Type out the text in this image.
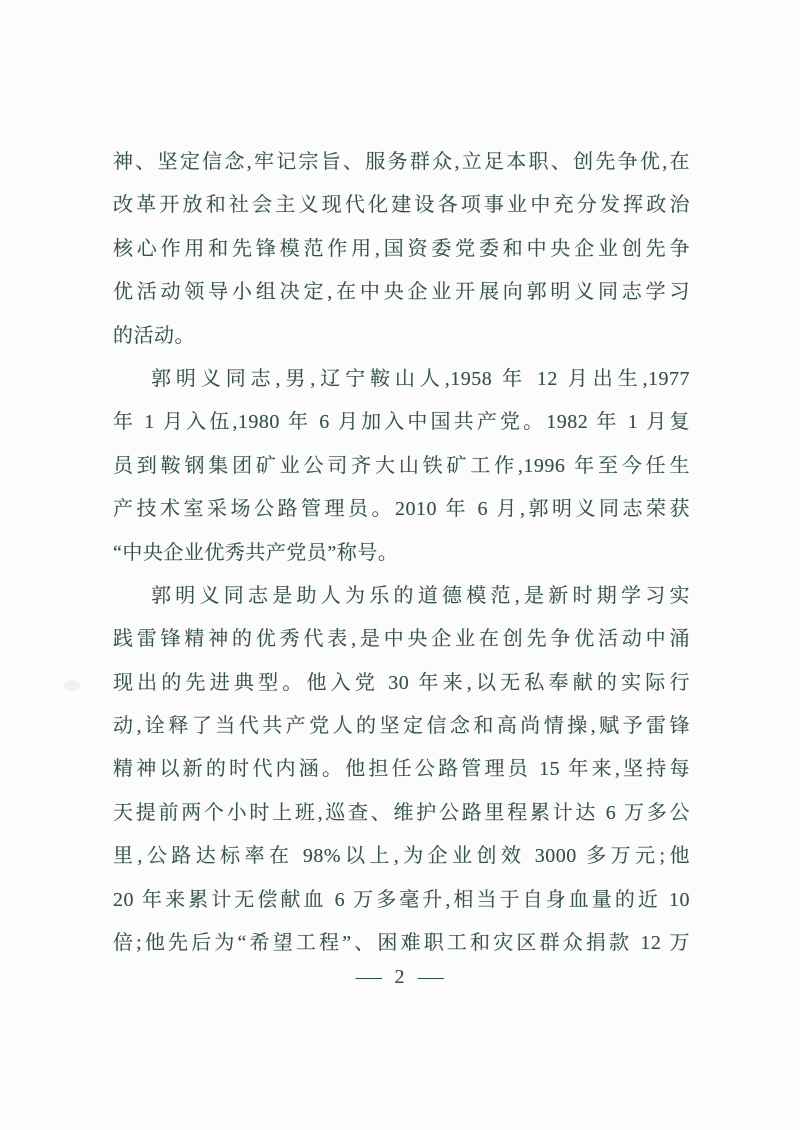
神、坚定信念,牢记宗旨、服务群众,立足本职、创先争优,在

改革开放和社会主义现代化建设各项事业中充分发挥政治

核心作用和先锋模范作用,国资委党委和中央企业创先争

优活动领导小组决定,在中央企业开展向郭明义同志学习

的活动。

郭明义同志,男,辽宁鞍山人,1958 年 12 月出生,1977

年 1 月入伍,1980 年 6 月加入中国共产党。1982 年 1 月复

员到鞍钢集团矿业公司齐大山铁矿工作,1996 年至今任生

产技术室采场公路管理员。2010 年 6 月,郭明义同志荣获

“中央企业优秀共产党员”称号。

郭明义同志是助人为乐的道德模范,是新时期学习实

践雷锋精神的优秀代表,是中央企业在创先争优活动中涌

现出的先进典型。他入党 30 年来,以无私奉献的实际行

动,诠释了当代共产党人的坚定信念和高尚情操,赋予雷锋

精神以新的时代内涵。他担任公路管理员 15 年来,坚持每

天提前两个小时上班,巡查、维护公路里程累计达 6 万多公

里,公路达标率在 98%以上,为企业创效 3000 多万元;他

20 年来累计无偿献血 6 万多毫升,相当于自身血量的近 10

倍;他先后为“希望工程”、困难职工和灾区群众捐款 12 万

— 2 —
